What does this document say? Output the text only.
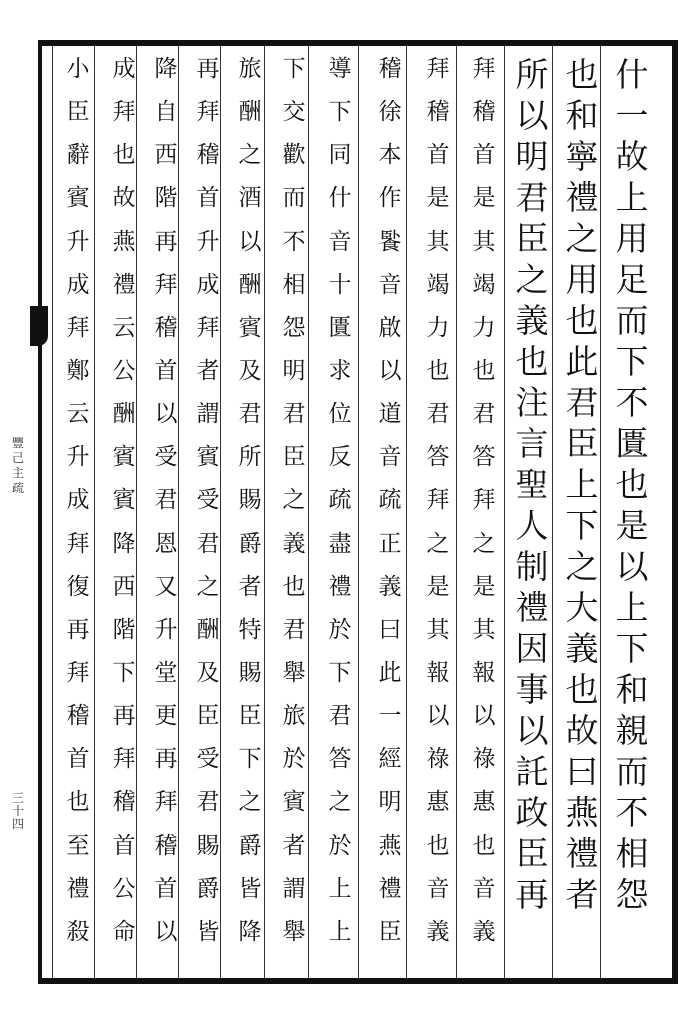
豐己主疏
三十四
什
一
故
上
用
足
而
下
不
匱
也
是
以
上
下
和
親
而
不
相
怨
也
和
寧
禮
之
用
也
此
君
臣
上
下
之
大
義
也
故
曰
燕
禮
者
所
以
明
君
臣
之
義
也
注
言
聖
人
制
禮
因
事
以
託
政
臣
再
拜
稽
首
是
其
竭
力
也
君
答
拜
之
是
其
報
以
祿
惠
也
音
義
拜
稽
首
是
其
竭
力
也
君
答
拜
之
是
其
報
以
祿
惠
也
音
義
稽
徐
本
作
䭆
音
啟
以
道
音
疏
正
義
曰
此
一
經
明
燕
禮
臣
導
下
同
什
音
十
匱
求
位
反
疏
盡
禮
於
下
君
答
之
於
上
上
下
交
歡
而
不
相
怨
明
君
臣
之
義
也
君
舉
旅
於
賓
者
謂
舉
旅
酬
之
酒
以
酬
賓
及
君
所
賜
爵
者
特
賜
臣
下
之
爵
皆
降
再
拜
稽
首
升
成
拜
者
謂
賓
受
君
之
酬
及
臣
受
君
賜
爵
皆
降
自
西
階
再
拜
稽
首
以
受
君
恩
又
升
堂
更
再
拜
稽
首
以
成
拜
也
故
燕
禮
云
公
酬
賓
賓
降
西
階
下
再
拜
稽
首
公
命
小
臣
辭
賓
升
成
拜
鄭
云
升
成
拜
復
再
拜
稽
首
也
至
禮
殺
